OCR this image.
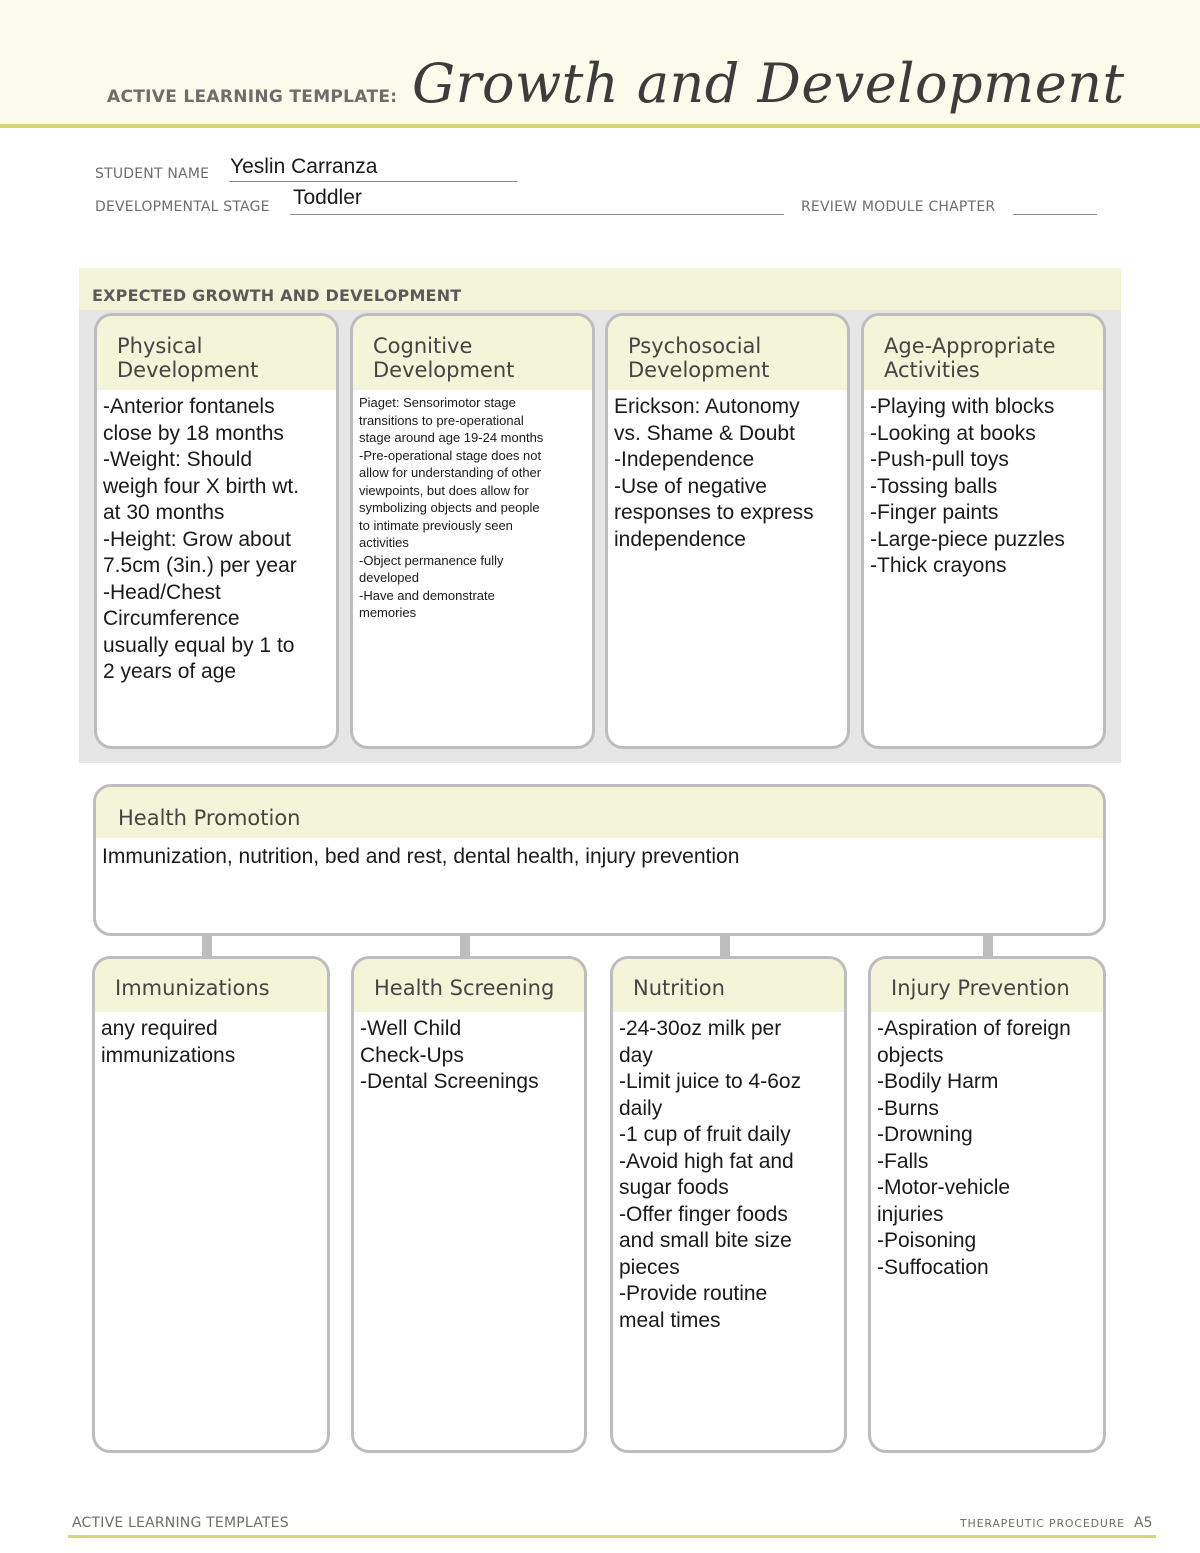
ACTIVE LEARNING TEMPLATE: Growth and Development
STUDENT NAME Yeslin Carranza
DEVELOPMENTAL STAGE Toddler	REVIEW MODULE CHAPTER
EXPECTED GROWTH AND DEVELOPMENT
Physical
Development
-Anterior fontanels
close by 18 months
-Weight: Should
weigh four X birth wt.
at 30 months
-Height: Grow about
7.5cm (3in.) per year
-Head/Chest
Circumference
usually equal by 1 to
2 years of age
Cognitive
Development
Piaget: Sensorimotor stage
transitions to pre-operational
stage around age 19-24 months
-Pre-operational stage does not
allow for understanding of other
viewpoints, but does allow for
symbolizing objects and people
to intimate previously seen
activities
-Object permanence fully
developed
-Have and demonstrate
memories
Psychosocial
Development
Erickson: Autonomy
vs. Shame & Doubt
-Independence
-Use of negative
responses to express
independence
Age-Appropriate
Activities
-Playing with blocks
-Looking at books
-Push-pull toys
-Tossing balls
-Finger paints
-Large-piece puzzles
-Thick crayons
Health Promotion
Immunization, nutrition, bed and rest, dental health, injury prevention
Immunizations
any required
immunizations
Health Screening
-Well Child
Check-Ups
-Dental Screenings
Nutrition
-24-30oz milk per
day
-Limit juice to 4-6oz
daily
-1 cup of fruit daily
-Avoid high fat and
sugar foods
-Offer finger foods
and small bite size
pieces
-Provide routine
meal times
Injury Prevention
-Aspiration of foreign
objects
-Bodily Harm
-Burns
-Drowning
-Falls
-Motor-vehicle
injuries
-Poisoning
-Suffocation
ACTIVE LEARNING TEMPLATES	THERAPEUTIC PROCEDURE A5
